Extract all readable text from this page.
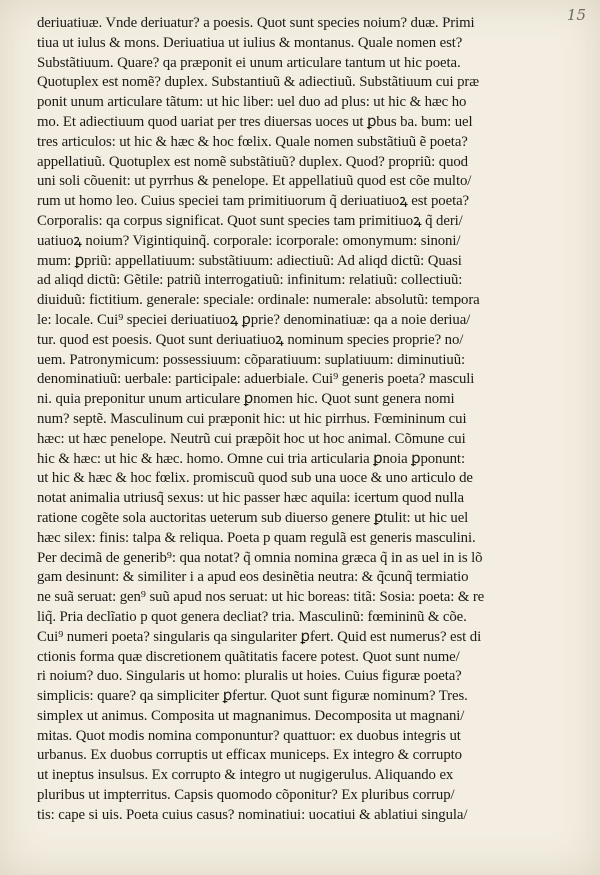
15
deriuatiuæ. Vnde deriuatur? a poesis. Quot sunt species noium? duæ. Primi
tiua ut iulus & mons. Deriuatiua ut iulius & montanus. Quale nomen est?
Substãtiuum. Quare? qa præponit ei unum articulare tantum ut hic poeta.
Quotuplex est nomẽ? duplex. Substantiuũ & adiectiuũ. Substãtiuum cui præ
ponit unum articulare tãtum: ut hic liber: uel duo ad plus: ut hic & hæc ho
mo. Et adiectiuum quod uariat per tres diuersas uoces ut ꝑbus ba. bum: uel
tres articulos: ut hic & hæc & hoc fœlix. Quale nomen substãtiuũ ẽ poeta?
appellatiuũ. Quotuplex est nomẽ substãtiuũ? duplex. Quod? propriũ: quod
uni soli cõuenit: ut pyrrhus & penelope. Et appellatiuũ quod est cõe multo/
rum ut homo leo. Cuius speciei tam primitiuorum q̃ deriuatiuoꝝ est poeta?
Corporalis: qa corpus significat. Quot sunt species tam primitiuoꝝ q̃ deri/
uatiuoꝝ noium? Vigintiquinq̃. corporale: icorporale: omonymum: sinoni/
mum: ꝑpriũ: appellatiuum: substãtiuum: adiectiuũ: Ad aliqd dictũ: Quasi
ad aliqd dictũ: Gẽtile: patriũ interrogatiuũ: infinitum: relatiuũ: collectiuũ:
diuiduũ: fictitium. generale: speciale: ordinale: numerale: absolutũ: tempora
le: locale. Cui⁹ speciei deriuatiuoꝝ ꝑprie? denominatiuæ: qa a noie deriua/
tur. quod est poesis. Quot sunt deriuatiuoꝝ nominum species proprie? no/
uem. Patronymicum: possessiuum: cõparatiuum: suplatiuum: diminutiuũ:
denominatiuũ: uerbale: participale: aduerbiale. Cui⁹ generis poeta? masculi
ni. quia preponitur unum articulare ꝑnomen hic. Quot sunt genera nomi
num? septẽ. Masculinum cui præponit hic: ut hic pirrhus. Fœmininum cui
hæc: ut hæc penelope. Neutrũ cui præpõit hoc ut hoc animal. Cõmune cui
hic & hæc: ut hic & hæc. homo. Omne cui tria articularia ꝑnoia ꝑponunt:
ut hic & hæc & hoc fœlix. promiscuũ quod sub una uoce & uno articulo de
notat animalia utriusq̃ sexus: ut hic passer hæc aquila: icertum quod nulla
ratione cogẽte sola auctoritas ueterum sub diuerso genere ꝑtulit: ut hic uel
hæc silex: finis: talpa & reliqua. Poeta p quam regulã est generis masculini.
Per decimã de generib⁹: qua notat? q̃ omnia nomina græca q̃ in as uel in is lõ
gam desinunt: & similiter i a apud eos desinẽtia neutra: & q̃cunq̃ termiatio
ne suã seruat: gen⁹ suũ apud nos seruat: ut hic boreas: titã: Sosia: poeta: & re
liq̃. Pria declĩatio p quot genera decliat? tria. Masculinũ: fœmininũ & cõe.
Cui⁹ numeri poeta? singularis qa singulariter ꝑfert. Quid est numerus? est di
ctionis forma quæ discretionem quãtitatis facere potest. Quot sunt nume/
ri noium? duo. Singularis ut homo: pluralis ut hoies. Cuius figuræ poeta?
simplicis: quare? qa simpliciter ꝑfertur. Quot sunt figuræ nominum? Tres.
simplex ut animus. Composita ut magnanimus. Decomposita ut magnani/
mitas. Quot modis nomina componuntur? quattuor: ex duobus integris ut
urbanus. Ex duobus corruptis ut efficax municeps. Ex integro & corrupto
ut ineptus insulsus. Ex corrupto & integro ut nugigerulus. Aliquando ex
pluribus ut impterritus. Capsis quomodo cõponitur? Ex pluribus corrup/
tis: cape si uis. Poeta cuius casus? nominatiui: uocatiui & ablatiui singula/
